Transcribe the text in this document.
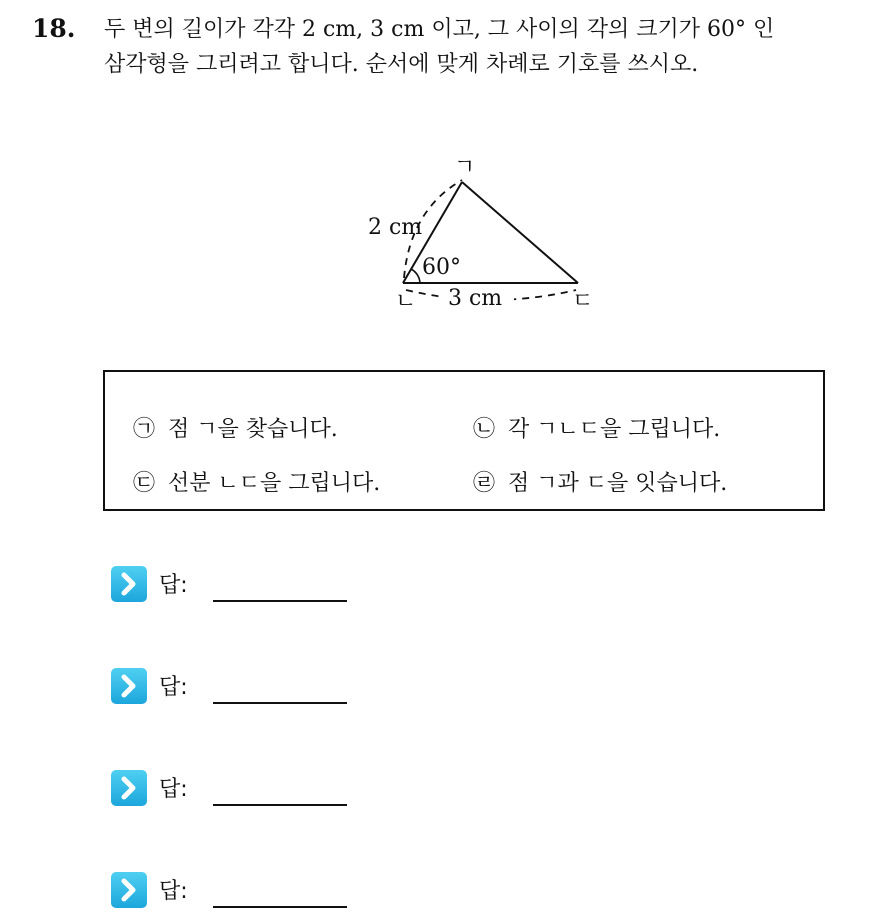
18. 두 변의 길이가 각각 2 cm, 3 cm 이고, 그 사이의 각의 크기가 60° 인
삼각형을 그리려고 합니다. 순서에 맞게 차례로 기호를 쓰시오.
ㄱ
ㄴ	ㄷ
2 cm
3 cm
60°
㉠ 점 ㄱ을 찾습니다.	㉡ 각 ㄱㄴㄷ을 그립니다.
㉢ 선분 ㄴㄷ을 그립니다.	㉣ 점 ㄱ과 ㄷ을 잇습니다.
답:
답:
답:
답:
